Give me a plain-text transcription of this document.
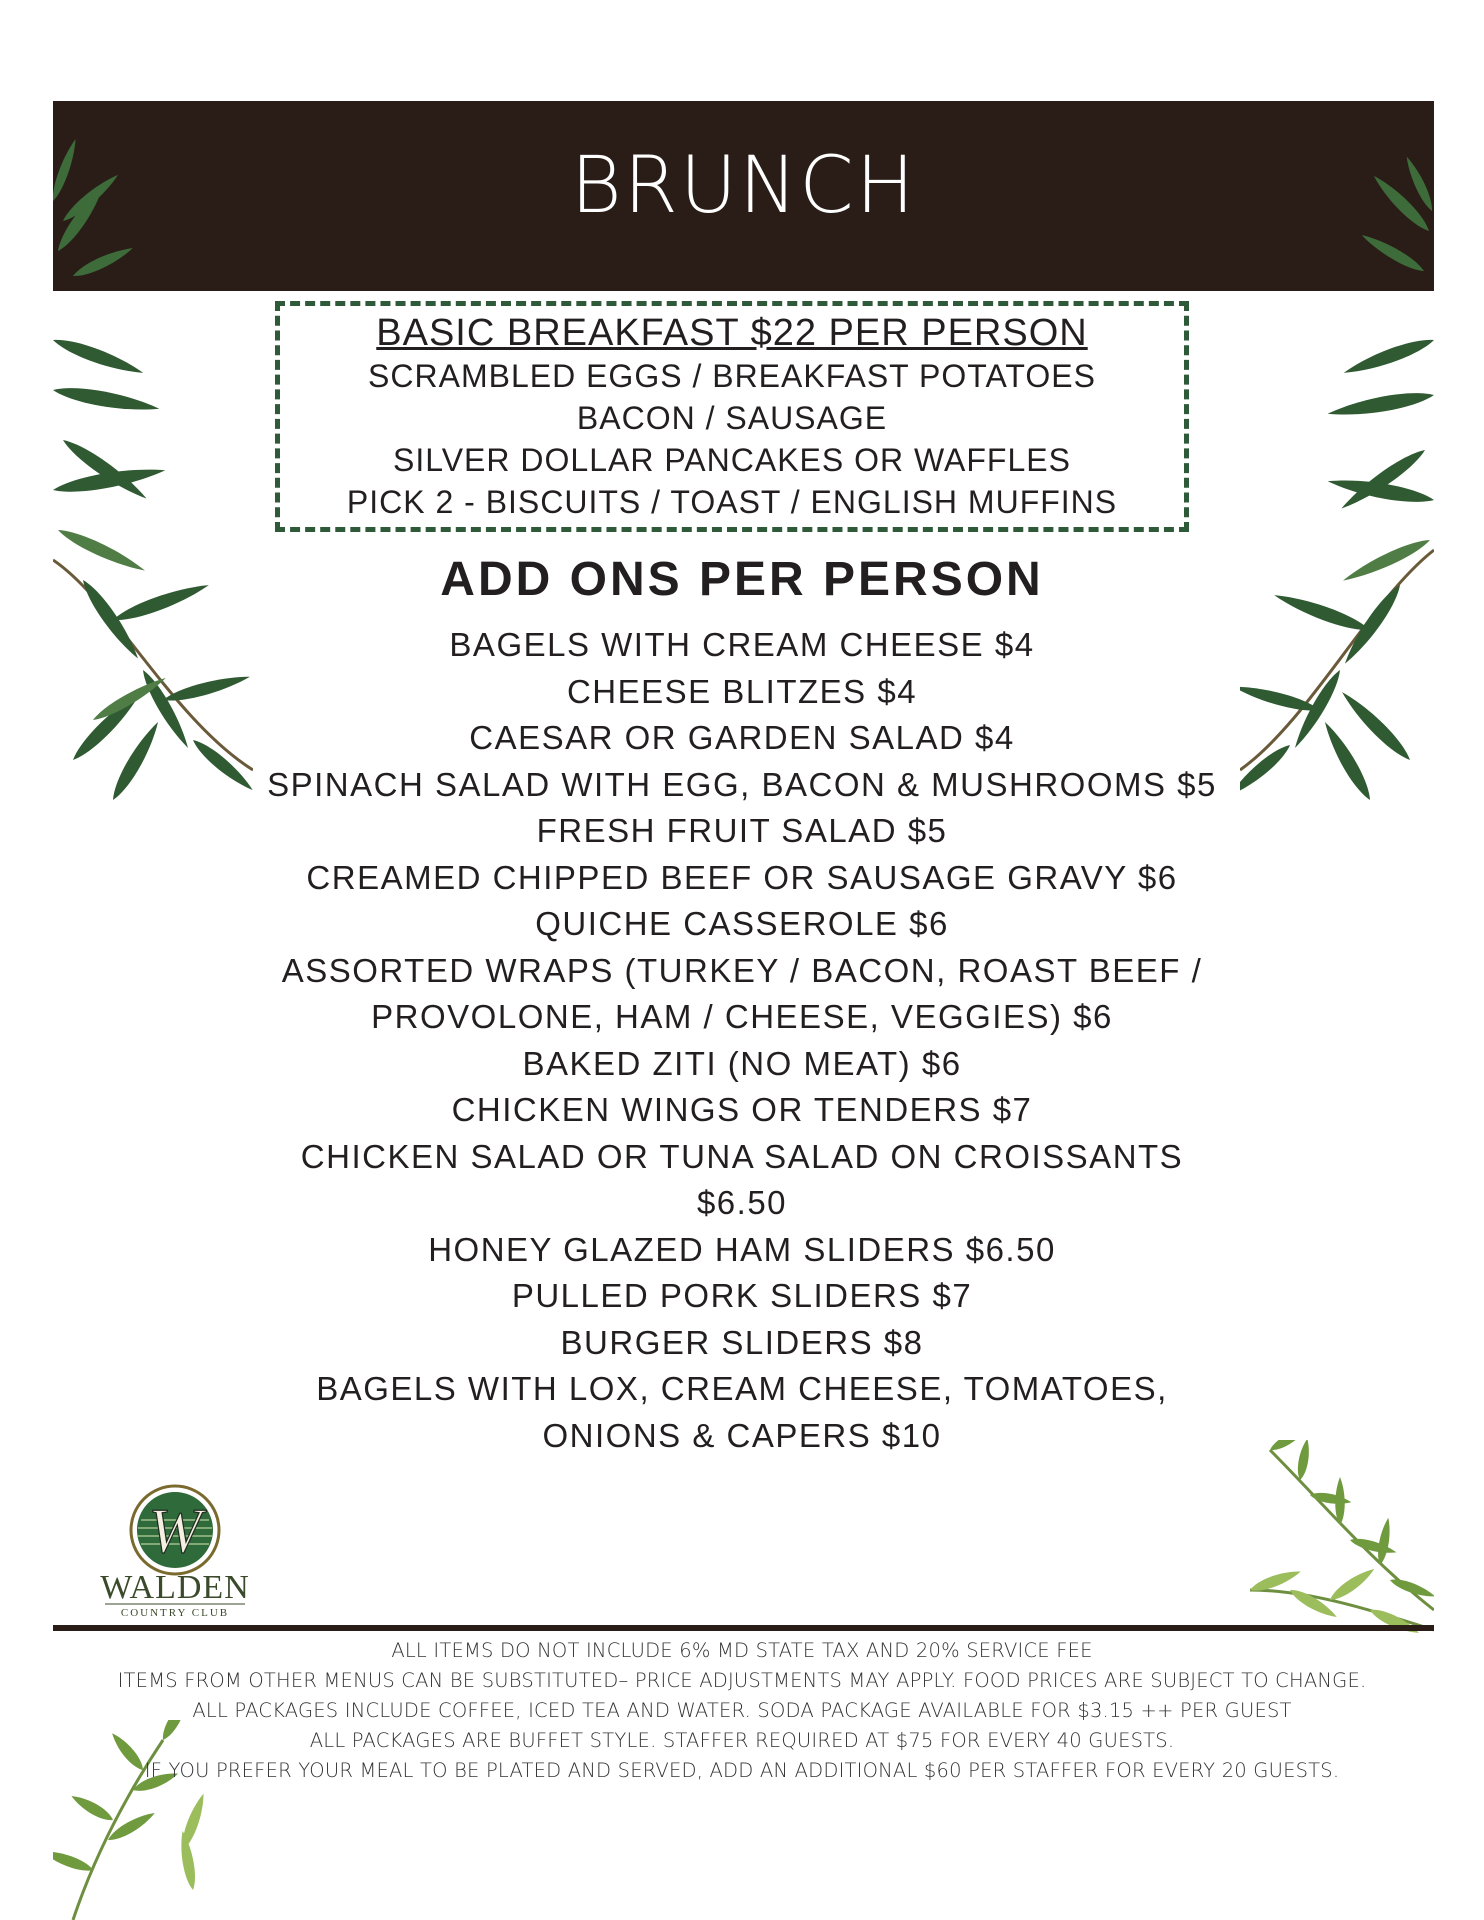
BRUNCH
BASIC BREAKFAST $22 PER PERSON
SCRAMBLED EGGS / BREAKFAST POTATOES
BACON / SAUSAGE
SILVER DOLLAR PANCAKES OR WAFFLES
PICK 2 - BISCUITS / TOAST / ENGLISH MUFFINS
ADD ONS PER PERSON
BAGELS WITH CREAM CHEESE $4
CHEESE BLITZES $4
CAESAR OR GARDEN SALAD $4
SPINACH SALAD WITH EGG, BACON & MUSHROOMS $5
FRESH FRUIT SALAD $5
CREAMED CHIPPED BEEF OR SAUSAGE GRAVY $6
QUICHE CASSEROLE $6
ASSORTED WRAPS (TURKEY / BACON, ROAST BEEF /
PROVOLONE, HAM / CHEESE, VEGGIES) $6
BAKED ZITI (NO MEAT) $6
CHICKEN WINGS OR TENDERS $7
CHICKEN SALAD OR TUNA SALAD ON CROISSANTS
$6.50
HONEY GLAZED HAM SLIDERS $6.50
PULLED PORK SLIDERS $7
BURGER SLIDERS $8
BAGELS WITH LOX, CREAM CHEESE, TOMATOES,
ONIONS & CAPERS $10
W
WALDEN
COUNTRY CLUB
ALL ITEMS DO NOT INCLUDE 6% MD STATE TAX AND 20% SERVICE FEE
ITEMS FROM OTHER MENUS CAN BE SUBSTITUTED– PRICE ADJUSTMENTS MAY APPLY. FOOD PRICES ARE SUBJECT TO CHANGE.
ALL PACKAGES INCLUDE COFFEE, ICED TEA AND WATER. SODA PACKAGE AVAILABLE FOR $3.15 ++ PER GUEST
ALL PACKAGES ARE BUFFET STYLE. STAFFER REQUIRED AT $75 FOR EVERY 40 GUESTS.
IF YOU PREFER YOUR MEAL TO BE PLATED AND SERVED, ADD AN ADDITIONAL $60 PER STAFFER FOR EVERY 20 GUESTS.
